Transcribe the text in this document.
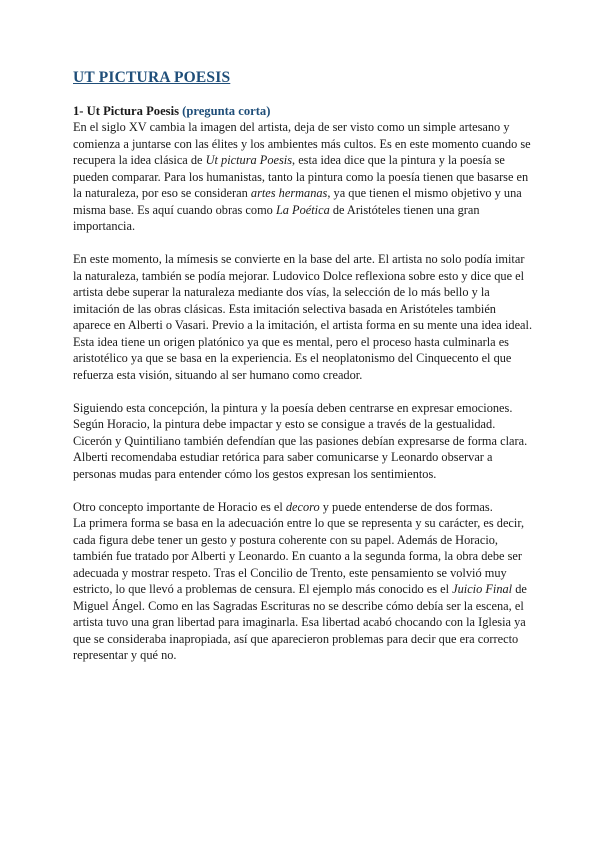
UT PICTURA POESIS
1- Ut Pictura Poesis (pregunta corta)

En el siglo XV cambia la imagen del artista, deja de ser visto como un simple artesano y comienza a juntarse con las élites y los ambientes más cultos. Es en este momento cuando se recupera la idea clásica de Ut pictura Poesis, esta idea dice que la pintura y la poesía se pueden comparar. Para los humanistas, tanto la pintura como la poesía tienen que basarse en la naturaleza, por eso se consideran artes hermanas, ya que tienen el mismo objetivo y una misma base. Es aquí cuando obras como La Poética de Aristóteles tienen una gran importancia.

En este momento, la mímesis se convierte en la base del arte. El artista no solo podía imitar la naturaleza, también se podía mejorar. Ludovico Dolce reflexiona sobre esto y dice que el artista debe superar la naturaleza mediante dos vías, la selección de lo más bello y la imitación de las obras clásicas. Esta imitación selectiva basada en Aristóteles también aparece en Alberti o Vasari. Previo a la imitación, el artista forma en su mente una idea ideal. Esta idea tiene un origen platónico ya que es mental, pero el proceso hasta culminarla es aristotélico ya que se basa en la experiencia. Es el neoplatonismo del Cinquecento el que refuerza esta visión, situando al ser humano como creador.

Siguiendo esta concepción, la pintura y la poesía deben centrarse en expresar emociones. Según Horacio, la pintura debe impactar y esto se consigue a través de la gestualidad. Cicerón y Quintiliano también defendían que las pasiones debían expresarse de forma clara. Alberti recomendaba estudiar retórica para saber comunicarse y Leonardo observar a personas mudas para entender cómo los gestos expresan los sentimientos.

Otro concepto importante de Horacio es el decoro y puede entenderse de dos formas.

La primera forma se basa en la adecuación entre lo que se representa y su carácter, es decir, cada figura debe tener un gesto y postura coherente con su papel. Además de Horacio, también fue tratado por Alberti y Leonardo. En cuanto a la segunda forma, la obra debe ser adecuada y mostrar respeto. Tras el Concilio de Trento, este pensamiento se volvió muy estricto, lo que llevó a problemas de censura. El ejemplo más conocido es el Juicio Final de Miguel Ángel. Como en las Sagradas Escrituras no se describe cómo debía ser la escena, el artista tuvo una gran libertad para imaginarla. Esa libertad acabó chocando con la Iglesia ya que se consideraba inapropiada, así que aparecieron problemas para decir que era correcto representar y qué no.
